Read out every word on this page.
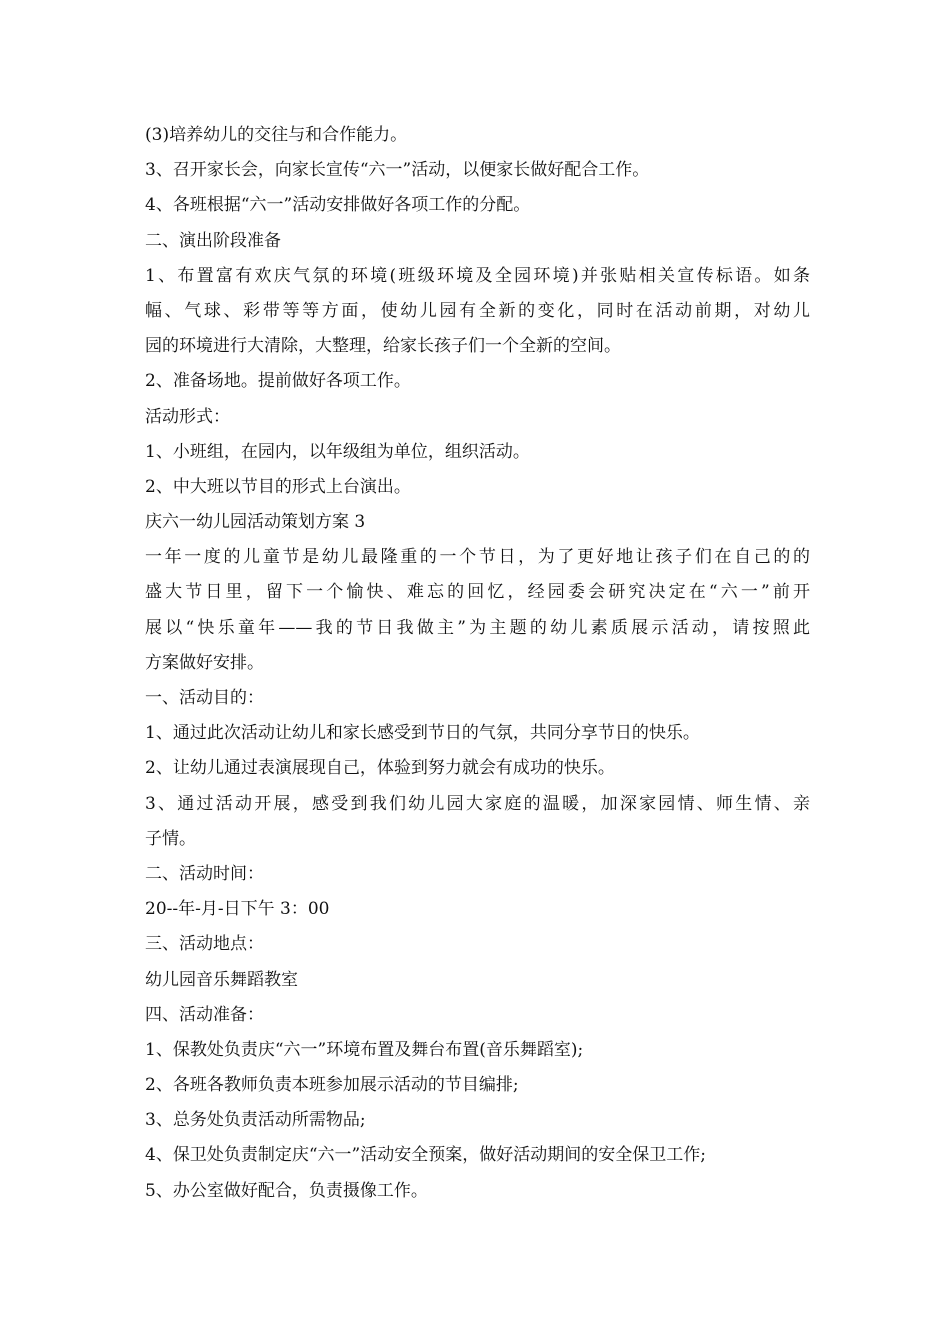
(3)培养幼儿的交往与和合作能力。
3、召开家长会，向家长宣传“六一”活动，以便家长做好配合工作。
4、各班根据“六一”活动安排做好各项工作的分配。
二、演出阶段准备
1、布置富有欢庆气氛的环境(班级环境及全园环境)并张贴相关宣传标语。如条
幅、气球、彩带等等方面，使幼儿园有全新的变化，同时在活动前期，对幼儿
园的环境进行大清除，大整理，给家长孩子们一个全新的空间。
2、准备场地。提前做好各项工作。
活动形式：
1、小班组，在园内，以年级组为单位，组织活动。
2、中大班以节目的形式上台演出。
庆六一幼儿园活动策划方案 3
一年一度的儿童节是幼儿最隆重的一个节日，为了更好地让孩子们在自己的的
盛大节日里，留下一个愉快、难忘的回忆，经园委会研究决定在“六一”前开
展以“快乐童年——我的节日我做主”为主题的幼儿素质展示活动，请按照此
方案做好安排。
一、活动目的：
1、通过此次活动让幼儿和家长感受到节日的气氛，共同分享节日的快乐。
2、让幼儿通过表演展现自己，体验到努力就会有成功的快乐。
3、通过活动开展，感受到我们幼儿园大家庭的温暖，加深家园情、师生情、亲
子情。
二、活动时间：
20--年-月-日下午 3：00
三、活动地点：
幼儿园音乐舞蹈教室
四、活动准备：
1、保教处负责庆“六一”环境布置及舞台布置(音乐舞蹈室);
2、各班各教师负责本班参加展示活动的节目编排;
3、总务处负责活动所需物品;
4、保卫处负责制定庆“六一”活动安全预案，做好活动期间的安全保卫工作;
5、办公室做好配合，负责摄像工作。
